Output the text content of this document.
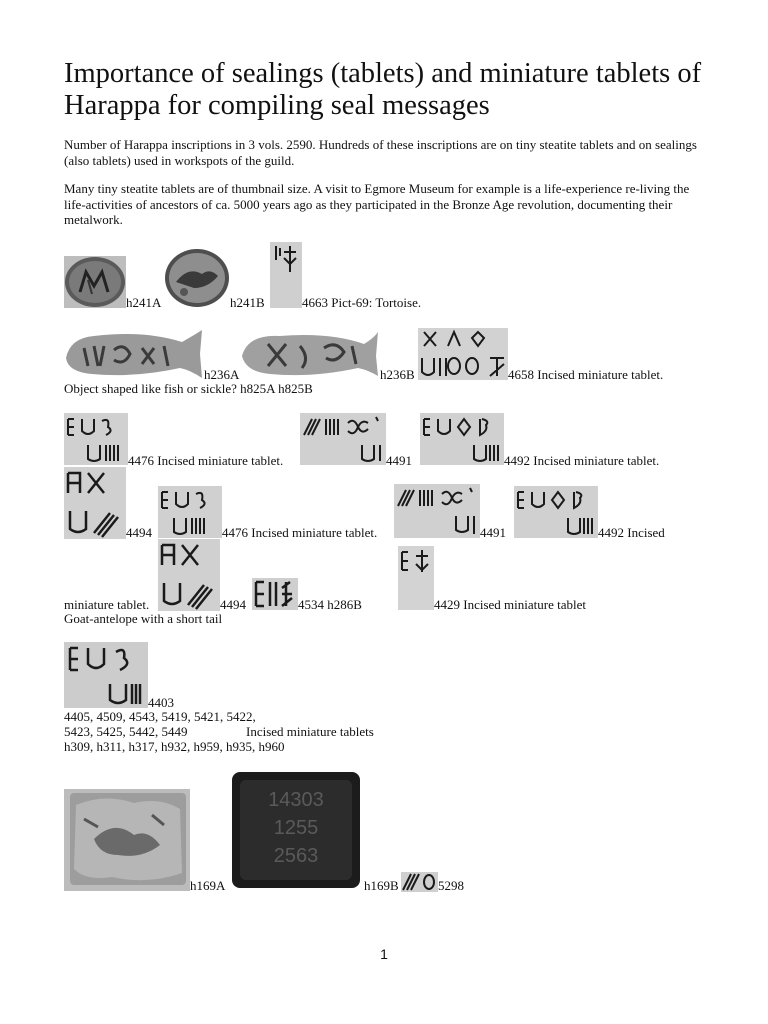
Importance of sealings (tablets) and miniature tablets of Harappa for compiling seal messages
Number of Harappa inscriptions in 3 vols. 2590. Hundreds of these inscriptions are on tiny steatite tablets and on sealings (also tablets) used in workspots of the guild.
Many tiny steatite tablets are of thumbnail size. A visit to Egmore Museum for example is a life-experience re-living the life-activities of ancestors of ca. 5000 years ago as they participated in the Bronze Age revolution, documenting their metalwork.
h241A	h241B	4663 Pict-69: Tortoise.
h236A	h236B	4658 Incised miniature tablet.
Object shaped like fish or sickle? h825A h825B
4476 Incised miniature tablet.	4491	4492 Incised miniature tablet.
4494	4476 Incised miniature tablet.	4491	4492 Incised
miniature tablet.	4494	4534 h286B	4429 Incised miniature tablet
Goat-antelope with a short tail
4403
4405, 4509, 4543, 5419, 5421, 5422,
5423, 5425, 5442, 5449	Incised miniature tablets
h309, h311, h317, h932, h959, h935, h960
h169A
14303
1255
2563
h169B	5298
1
